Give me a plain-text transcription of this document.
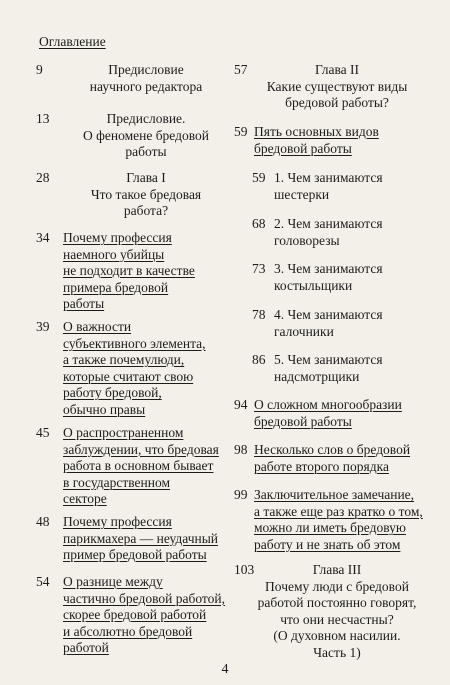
Оглавление
9	Предисловие
научного редактора
13	Предисловие.
О феномене бредовой
работы
28	Глава I
Что такое бредовая
работа?
34 Почему профессия
наемного убийцы
не подходит в качестве
примера бредовой
работы
39 О важности
субъективного элемента,
а также почемулюди,
которые считают свою
работу бредовой,
обычно правы
45 О распространенном
заблуждении, что бредовая
работа в основном бывает
в государственном
секторе
48 Почему профессия
парикмахера — неудачный
пример бредовой работы
54 О разнице между
частично бредовой работой,
скорее бредовой работой
и абсолютно бредовой
работой
57	Глава II
Какие существуют виды
бредовой работы?
59 Пять основных видов
бредовой работы
59 1. Чем занимаются
шестерки
68 2. Чем занимаются
головорезы
73 3. Чем занимаются
костыльщики
78 4. Чем занимаются
галочники
86 5. Чем занимаются
надсмотрщики
94 О сложном многообразии
бредовой работы
98 Несколько слов о бредовой
работе второго порядка
99 Заключительное замечание,
а также еще раз кратко о том,
можно ли иметь бредовую
работу и не знать об этом
103	Глава III
Почему люди с бредовой
работой постоянно говорят,
что они несчастны?
(О духовном насилии.
Часть 1)
4
